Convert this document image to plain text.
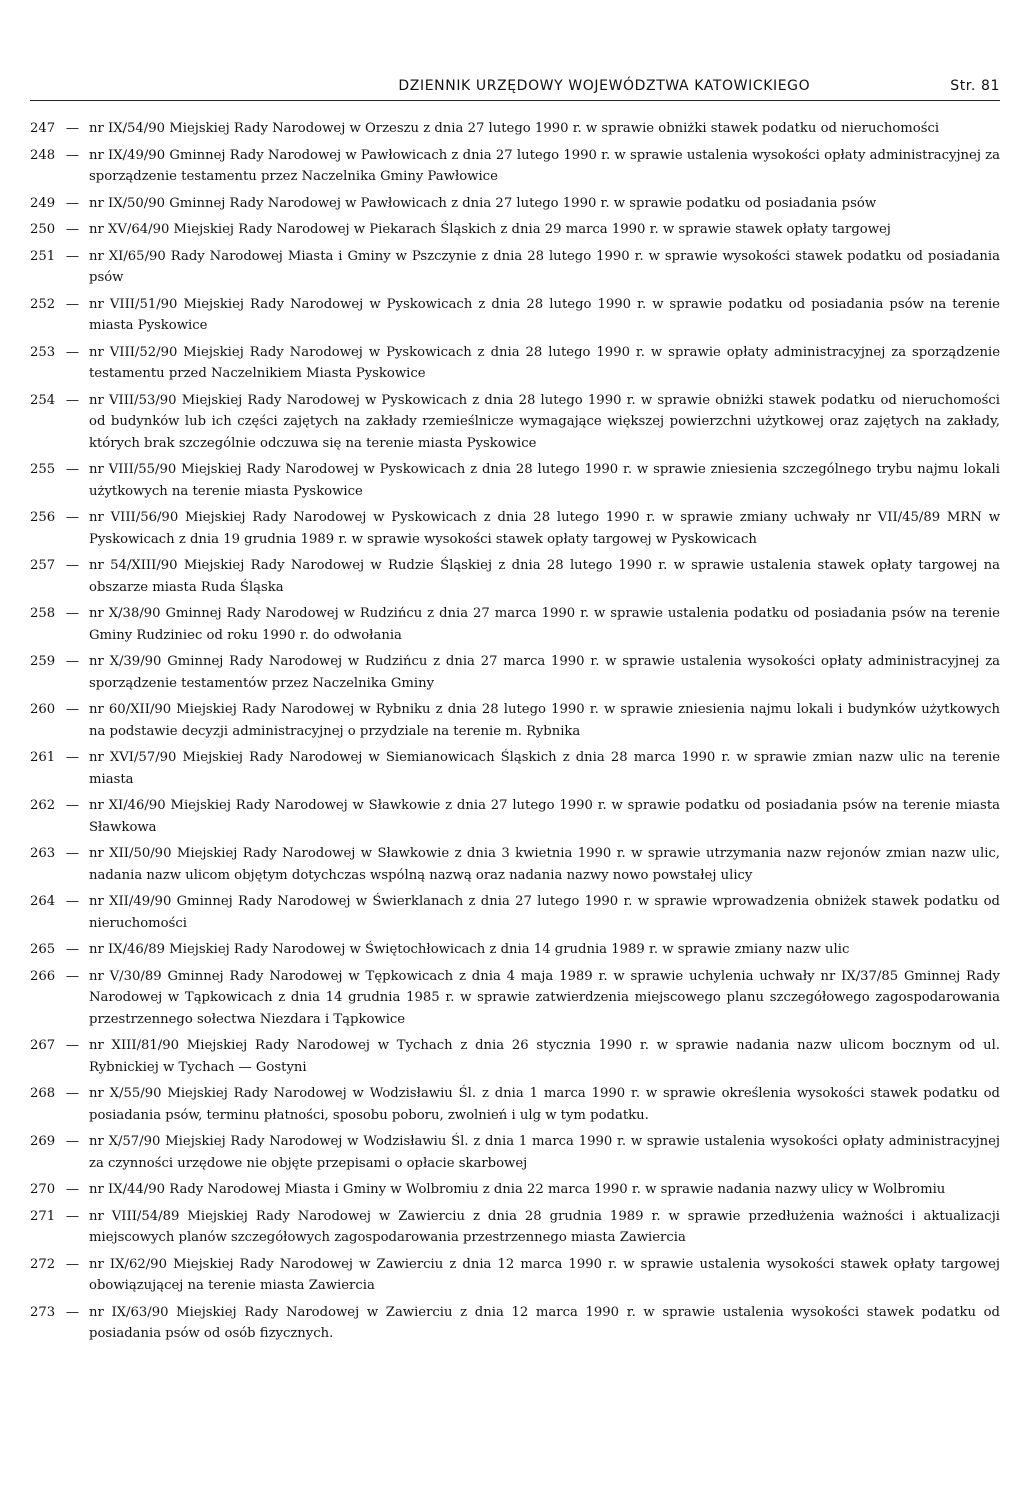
DZIENNIK URZĘDOWY WOJEWÓDZTWA KATOWICKIEGO	Str. 81
247 — nr IX/54/90 Miejskiej Rady Narodowej w Orzeszu z dnia 27 lutego 1990 r. w sprawie obniżki stawek podatku od nieruchomości
248 — nr IX/49/90 Gminnej Rady Narodowej w Pawłowicach z dnia 27 lutego 1990 r. w sprawie ustalenia wysokości opłaty administracyjnej za sporządzenie testamentu przez Naczelnika Gminy Pawłowice
249 — nr IX/50/90 Gminnej Rady Narodowej w Pawłowicach z dnia 27 lutego 1990 r. w sprawie podatku od posiadania psów
250 — nr XV/64/90 Miejskiej Rady Narodowej w Piekarach Śląskich z dnia 29 marca 1990 r. w sprawie stawek opłaty targowej
251 — nr XI/65/90 Rady Narodowej Miasta i Gminy w Pszczynie z dnia 28 lutego 1990 r. w sprawie wysokości stawek podatku od posiadania psów
252 — nr VIII/51/90 Miejskiej Rady Narodowej w Pyskowicach z dnia 28 lutego 1990 r. w sprawie podatku od posiadania psów na terenie miasta Pyskowice
253 — nr VIII/52/90 Miejskiej Rady Narodowej w Pyskowicach z dnia 28 lutego 1990 r. w sprawie opłaty administracyjnej za sporządzenie testamentu przed Naczelnikiem Miasta Pyskowice
254 — nr VIII/53/90 Miejskiej Rady Narodowej w Pyskowicach z dnia 28 lutego 1990 r. w sprawie obniżki stawek podatku od nieruchomości od budynków lub ich części zajętych na zakłady rzemieślnicze wymagające większej powierzchni użytkowej oraz zajętych na zakłady, których brak szczególnie odczuwa się na terenie miasta Pyskowice
255 — nr VIII/55/90 Miejskiej Rady Narodowej w Pyskowicach z dnia 28 lutego 1990 r. w sprawie zniesienia szczególnego trybu najmu lokali użytkowych na terenie miasta Pyskowice
256 — nr VIII/56/90 Miejskiej Rady Narodowej w Pyskowicach z dnia 28 lutego 1990 r. w sprawie zmiany uchwały nr VII/45/89 MRN w Pyskowicach z dnia 19 grudnia 1989 r. w sprawie wysokości stawek opłaty targowej w Pyskowicach
257 — nr 54/XIII/90 Miejskiej Rady Narodowej w Rudzie Śląskiej z dnia 28 lutego 1990 r. w sprawie ustalenia stawek opłaty targowej na obszarze miasta Ruda Śląska
258 — nr X/38/90 Gminnej Rady Narodowej w Rudzińcu z dnia 27 marca 1990 r. w sprawie ustalenia podatku od posiadania psów na terenie Gminy Rudziniec od roku 1990 r. do odwołania
259 — nr X/39/90 Gminnej Rady Narodowej w Rudzińcu z dnia 27 marca 1990 r. w sprawie ustalenia wysokości opłaty administracyjnej za sporządzenie testamentów przez Naczelnika Gminy
260 — nr 60/XII/90 Miejskiej Rady Narodowej w Rybniku z dnia 28 lutego 1990 r. w sprawie zniesienia najmu lokali i budynków użytkowych na podstawie decyzji administracyjnej o przydziale na terenie m. Rybnika
261 — nr XVI/57/90 Miejskiej Rady Narodowej w Siemianowicach Śląskich z dnia 28 marca 1990 r. w sprawie zmian nazw ulic na terenie miasta
262 — nr XI/46/90 Miejskiej Rady Narodowej w Sławkowie z dnia 27 lutego 1990 r. w sprawie podatku od posiadania psów na terenie miasta Sławkowa
263 — nr XII/50/90 Miejskiej Rady Narodowej w Sławkowie z dnia 3 kwietnia 1990 r. w sprawie utrzymania nazw rejonów zmian nazw ulic, nadania nazw ulicom objętym dotychczas wspólną nazwą oraz nadania nazwy nowo powstałej ulicy
264 — nr XII/49/90 Gminnej Rady Narodowej w Świerklanach z dnia 27 lutego 1990 r. w sprawie wprowadzenia obniżek stawek podatku od nieruchomości
265 — nr IX/46/89 Miejskiej Rady Narodowej w Świętochłowicach z dnia 14 grudnia 1989 r. w sprawie zmiany nazw ulic
266 — nr V/30/89 Gminnej Rady Narodowej w Tępkowicach z dnia 4 maja 1989 r. w sprawie uchylenia uchwały nr IX/37/85 Gminnej Rady Narodowej w Tąpkowicach z dnia 14 grudnia 1985 r. w sprawie zatwierdzenia miejscowego planu szczegółowego zagospodarowania przestrzennego sołectwa Niezdara i Tąpkowice
267 — nr XIII/81/90 Miejskiej Rady Narodowej w Tychach z dnia 26 stycznia 1990 r. w sprawie nadania nazw ulicom bocznym od ul. Rybnickiej w Tychach — Gostyni
268 — nr X/55/90 Miejskiej Rady Narodowej w Wodzisławiu Śl. z dnia 1 marca 1990 r. w sprawie określenia wysokości stawek podatku od posiadania psów, terminu płatności, sposobu poboru, zwolnień i ulg w tym podatku.
269 — nr X/57/90 Miejskiej Rady Narodowej w Wodzisławiu Śl. z dnia 1 marca 1990 r. w sprawie ustalenia wysokości opłaty administracyjnej za czynności urzędowe nie objęte przepisami o opłacie skarbowej
270 — nr IX/44/90 Rady Narodowej Miasta i Gminy w Wolbromiu z dnia 22 marca 1990 r. w sprawie nadania nazwy ulicy w Wolbromiu
271 — nr VIII/54/89 Miejskiej Rady Narodowej w Zawierciu z dnia 28 grudnia 1989 r. w sprawie przedłużenia ważności i aktualizacji miejscowych planów szczegółowych zagospodarowania przestrzennego miasta Zawiercia
272 — nr IX/62/90 Miejskiej Rady Narodowej w Zawierciu z dnia 12 marca 1990 r. w sprawie ustalenia wysokości stawek opłaty targowej obowiązującej na terenie miasta Zawiercia
273 — nr IX/63/90 Miejskiej Rady Narodowej w Zawierciu z dnia 12 marca 1990 r. w sprawie ustalenia wysokości stawek podatku od posiadania psów od osób fizycznych.
